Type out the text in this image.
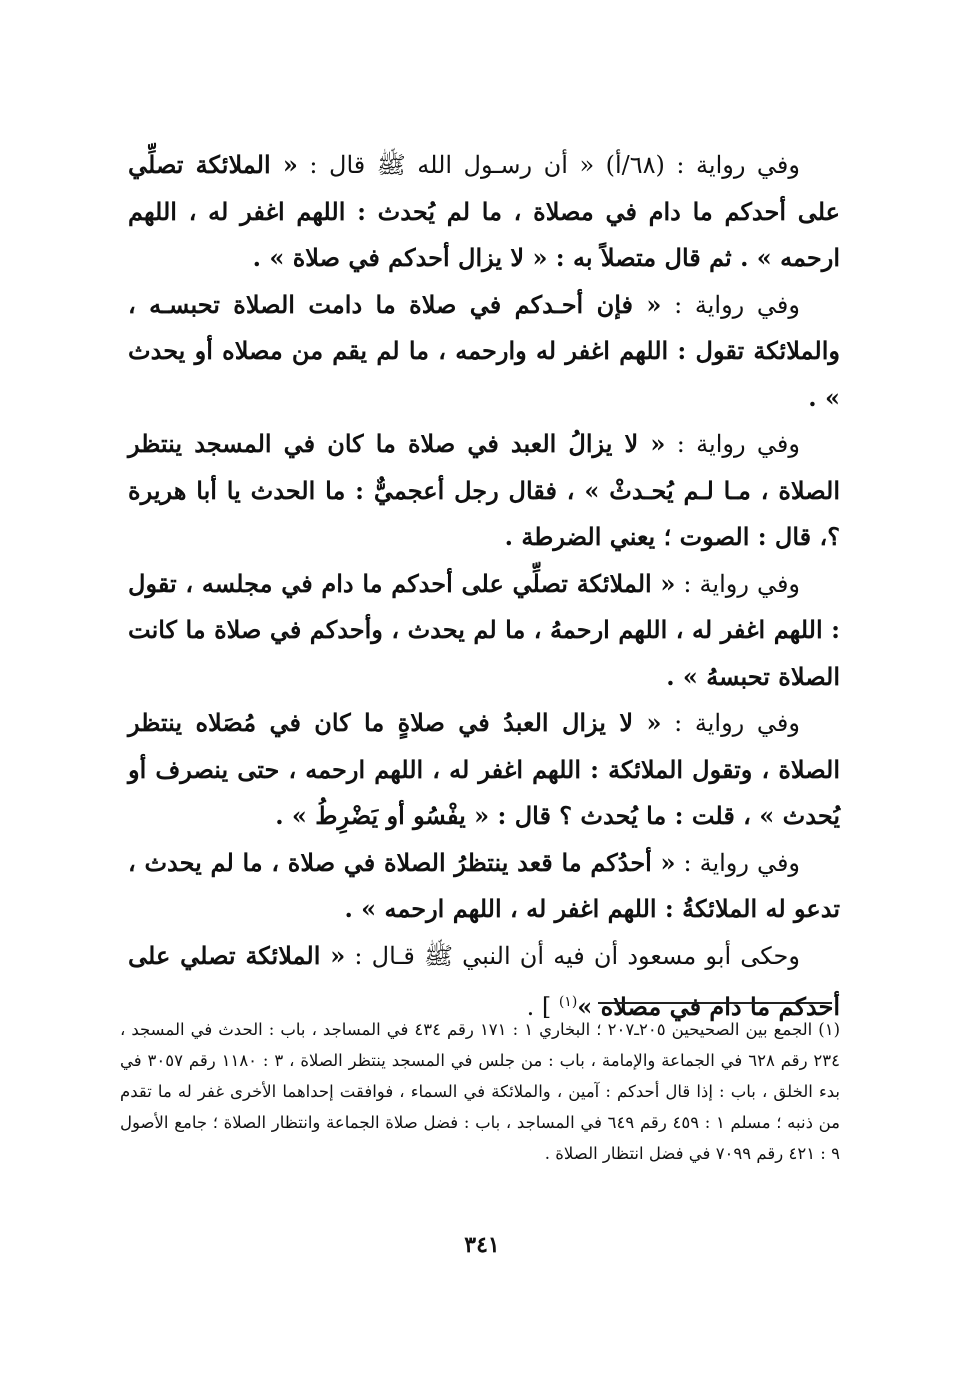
وفي رواية : (٦٨/أ) « أن رسـول الله ﷺ قال : « الملائكة تصلِّي على أحدكم ما دام في مصلاة ، ما لم يُحدث : اللهم اغفر له ، اللهم ارحمه » . ثم قال متصلاً به : « لا يزال أحدكم في صلاة » .

وفي رواية : « فإن أحـدكم في صلاة ما دامت الصلاة تحبسـه ، والملائكة تقول : اللهم اغفر له وارحمه ، ما لم يقم من مصلاه أو يحدث » .

وفي رواية : « لا يزالُ العبد في صلاة ما كان في المسجد ينتظر الصلاة ، مـا لـم يُحـدثْ » ، فقال رجل أعجميٌّ : ما الحدث يا أبا هريرة ؟، قال : الصوت ؛ يعني الضرطة .

وفي رواية : « الملائكة تصلِّي على أحدكم ما دام في مجلسه ، تقول : اللهم اغفر له ، اللهم ارحمهُ ، ما لم يحدث ، وأحدكم في صلاة ما كانت الصلاة تحبسهُ » .

وفي رواية : « لا يزال العبدُ في صلاةٍ ما كان في مُصَلاه ينتظر الصلاة ، وتقول الملائكة : اللهم اغفر له ، اللهم ارحمه ، حتى ينصرف أو يُحدث » ، قلت : ما يُحدث ؟ قال : « يفْسُو أو يَضْرِطُ » .

وفي رواية : « أحدُكم ما قعد ينتظرُ الصلاة في صلاة ، ما لم يحدث ، تدعو له الملائكةُ : اللهم اغفر له ، اللهم ارحمه » .

وحكى أبو مسعود أن فيه أن النبي ﷺ قـال : « الملائكة تصلي على أحدكم ما دام في مصلاه »$^{(١)}$ ] .

(١) الجمع بين الصحيحين ٢٠٥ـ٢٠٧ ؛ البخاري ١ : ١٧١ رقم ٤٣٤ في المساجد ، باب : الحدث في المسجد ، ٢٣٤ رقم ٦٢٨ في الجماعة والإمامة ، باب : من جلس في المسجد ينتظر الصلاة ، ٣ : ١١٨٠ رقم ٣٠٥٧ في بدء الخلق ، باب : إذا قال أحدكم : آمين ، والملائكة في السماء ، فوافقت إحداهما الأخرى غفر له ما تقدم من ذنبه ؛ مسلم ١ : ٤٥٩ رقم ٦٤٩ في المساجد ، باب : فضل صلاة الجماعة وانتظار الصلاة ؛ جامع الأصول ٩ : ٤٢١ رقم ٧٠٩٩ في فضل انتظار الصلاة .
٣٤١
